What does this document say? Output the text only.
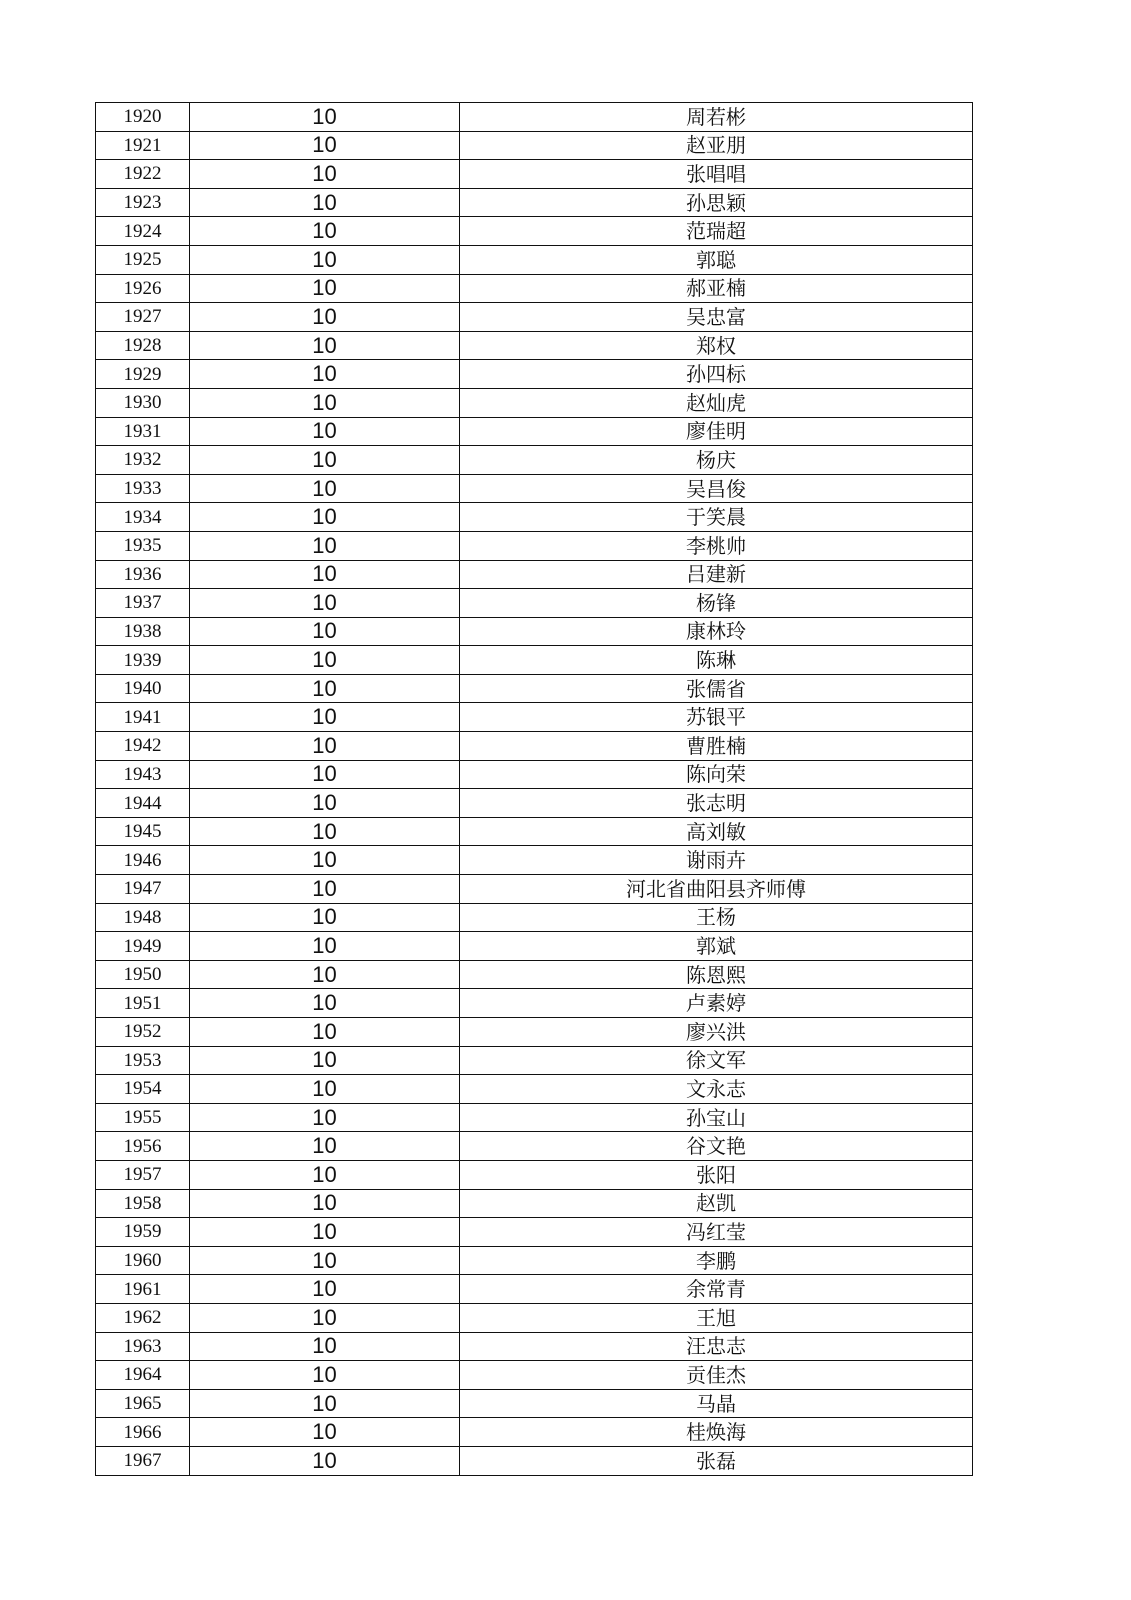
1920	10	周若彬
1921	10	赵亚朋
1922	10	张唱唱
1923	10	孙思颖
1924	10	范瑞超
1925	10	郭聪
1926	10	郝亚楠
1927	10	吴忠富
1928	10	郑权
1929	10	孙四标
1930	10	赵灿虎
1931	10	廖佳明
1932	10	杨庆
1933	10	吴昌俊
1934	10	于笑晨
1935	10	李桃帅
1936	10	吕建新
1937	10	杨锋
1938	10	康林玲
1939	10	陈琳
1940	10	张儒省
1941	10	苏银平
1942	10	曹胜楠
1943	10	陈向荣
1944	10	张志明
1945	10	高刘敏
1946	10	谢雨卉
1947	10	河北省曲阳县齐师傅
1948	10	王杨
1949	10	郭斌
1950	10	陈恩熙
1951	10	卢素婷
1952	10	廖兴洪
1953	10	徐文军
1954	10	文永志
1955	10	孙宝山
1956	10	谷文艳
1957	10	张阳
1958	10	赵凯
1959	10	冯红莹
1960	10	李鹏
1961	10	余常青
1962	10	王旭
1963	10	汪忠志
1964	10	贡佳杰
1965	10	马晶
1966	10	桂焕海
1967	10	张磊
